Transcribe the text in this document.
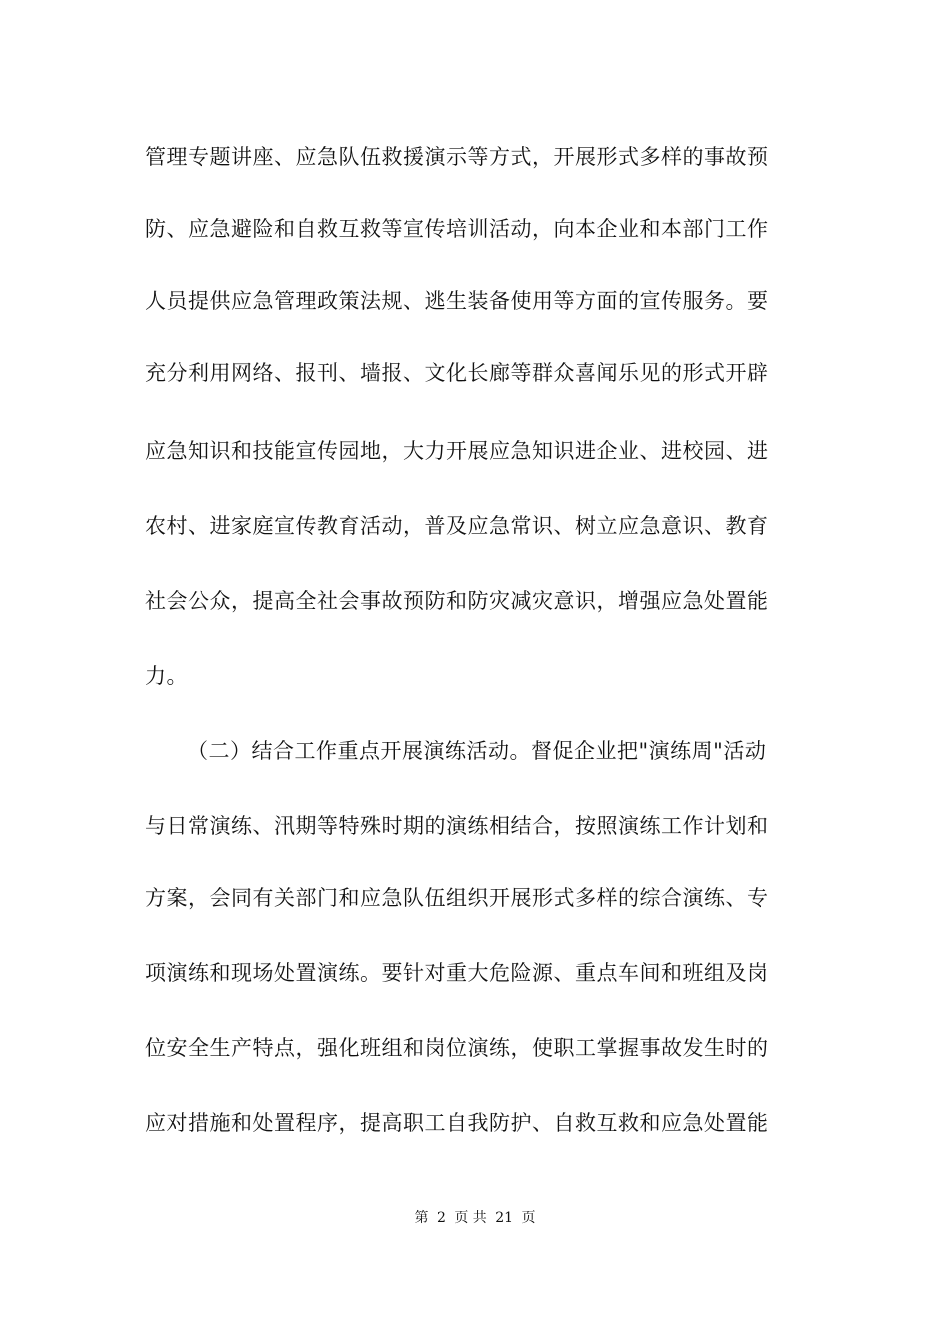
管理专题讲座、应急队伍救援演示等方式，开展形式多样的事故预
防、应急避险和自救互救等宣传培训活动，向本企业和本部门工作
人员提供应急管理政策法规、逃生装备使用等方面的宣传服务。要
充分利用网络、报刊、墙报、文化长廊等群众喜闻乐见的形式开辟
应急知识和技能宣传园地，大力开展应急知识进企业、进校园、进
农村、进家庭宣传教育活动，普及应急常识、树立应急意识、教育
社会公众，提高全社会事故预防和防灾减灾意识，增强应急处置能
力。
（二）结合工作重点开展演练活动。督促企业把"演练周"活动
与日常演练、汛期等特殊时期的演练相结合，按照演练工作计划和
方案，会同有关部门和应急队伍组织开展形式多样的综合演练、专
项演练和现场处置演练。要针对重大危险源、重点车间和班组及岗
位安全生产特点，强化班组和岗位演练，使职工掌握事故发生时的
应对措施和处置程序，提高职工自我防护、自救互救和应急处置能
第 2 页 共 21 页
